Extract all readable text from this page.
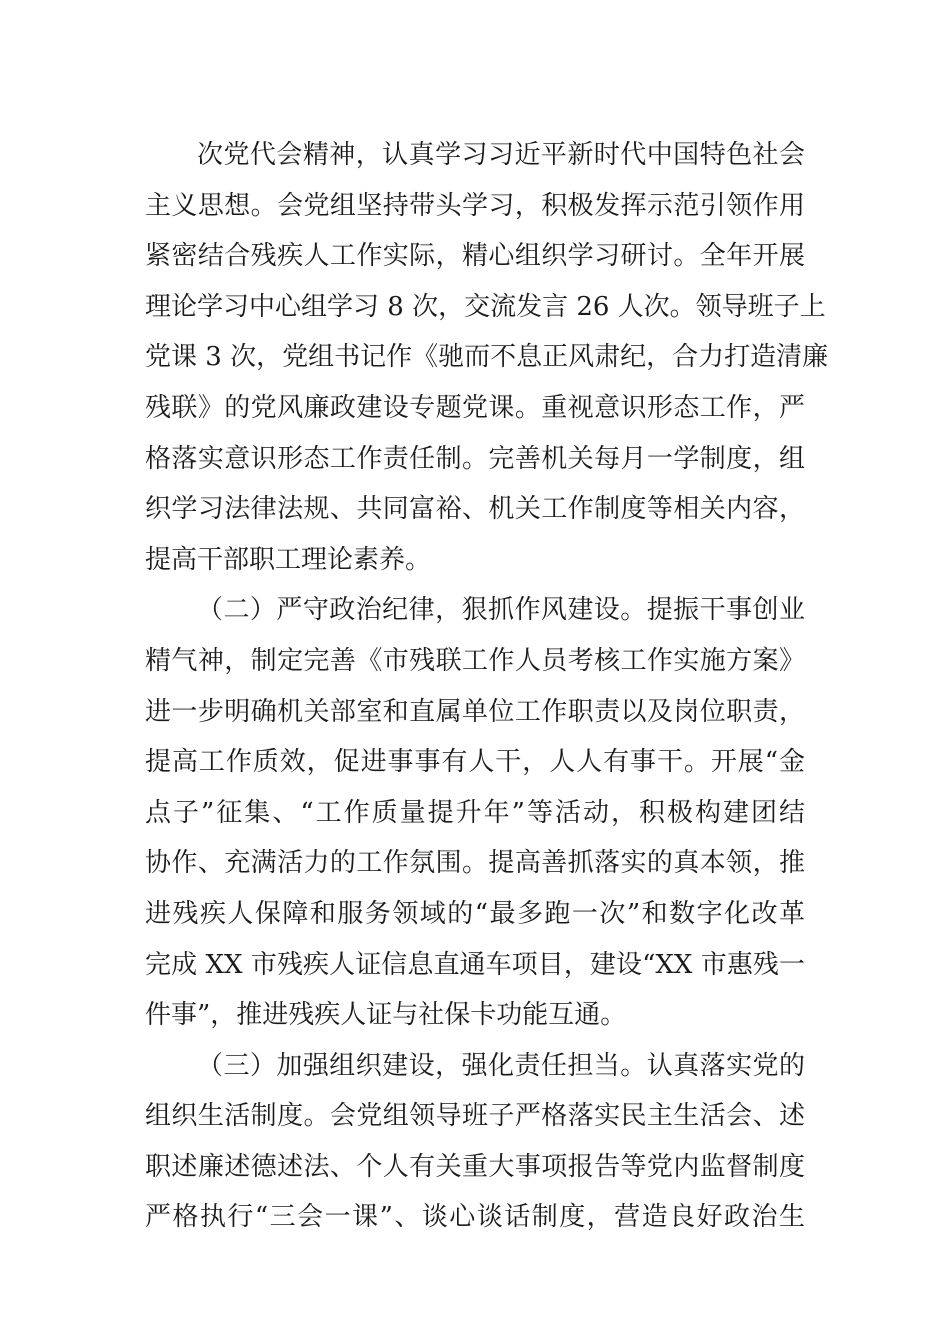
次党代会精神，认真学习习近平新时代中国特色社会
主义思想。会党组坚持带头学习，积极发挥示范引领作用
紧密结合残疾人工作实际，精心组织学习研讨。全年开展
理论学习中心组学习 8 次，交流发言 26 人次。领导班子上
党课 3 次，党组书记作《驰而不息正风肃纪，合力打造清廉
残联》的党风廉政建设专题党课。重视意识形态工作，严
格落实意识形态工作责任制。完善机关每月一学制度，组
织学习法律法规、共同富裕、机关工作制度等相关内容，
提高干部职工理论素养。
（二）严守政治纪律，狠抓作风建设。提振干事创业
精气神，制定完善《市残联工作人员考核工作实施方案》
进一步明确机关部室和直属单位工作职责以及岗位职责，
提高工作质效，促进事事有人干，人人有事干。开展“金
点子”征集、“工作质量提升年”等活动，积极构建团结
协作、充满活力的工作氛围。提高善抓落实的真本领，推
进残疾人保障和服务领域的“最多跑一次”和数字化改革
完成 XX 市残疾人证信息直通车项目，建设“XX 市惠残一
件事”，推进残疾人证与社保卡功能互通。
（三）加强组织建设，强化责任担当。认真落实党的
组织生活制度。会党组领导班子严格落实民主生活会、述
职述廉述德述法、个人有关重大事项报告等党内监督制度
严格执行“三会一课”、谈心谈话制度，营造良好政治生
